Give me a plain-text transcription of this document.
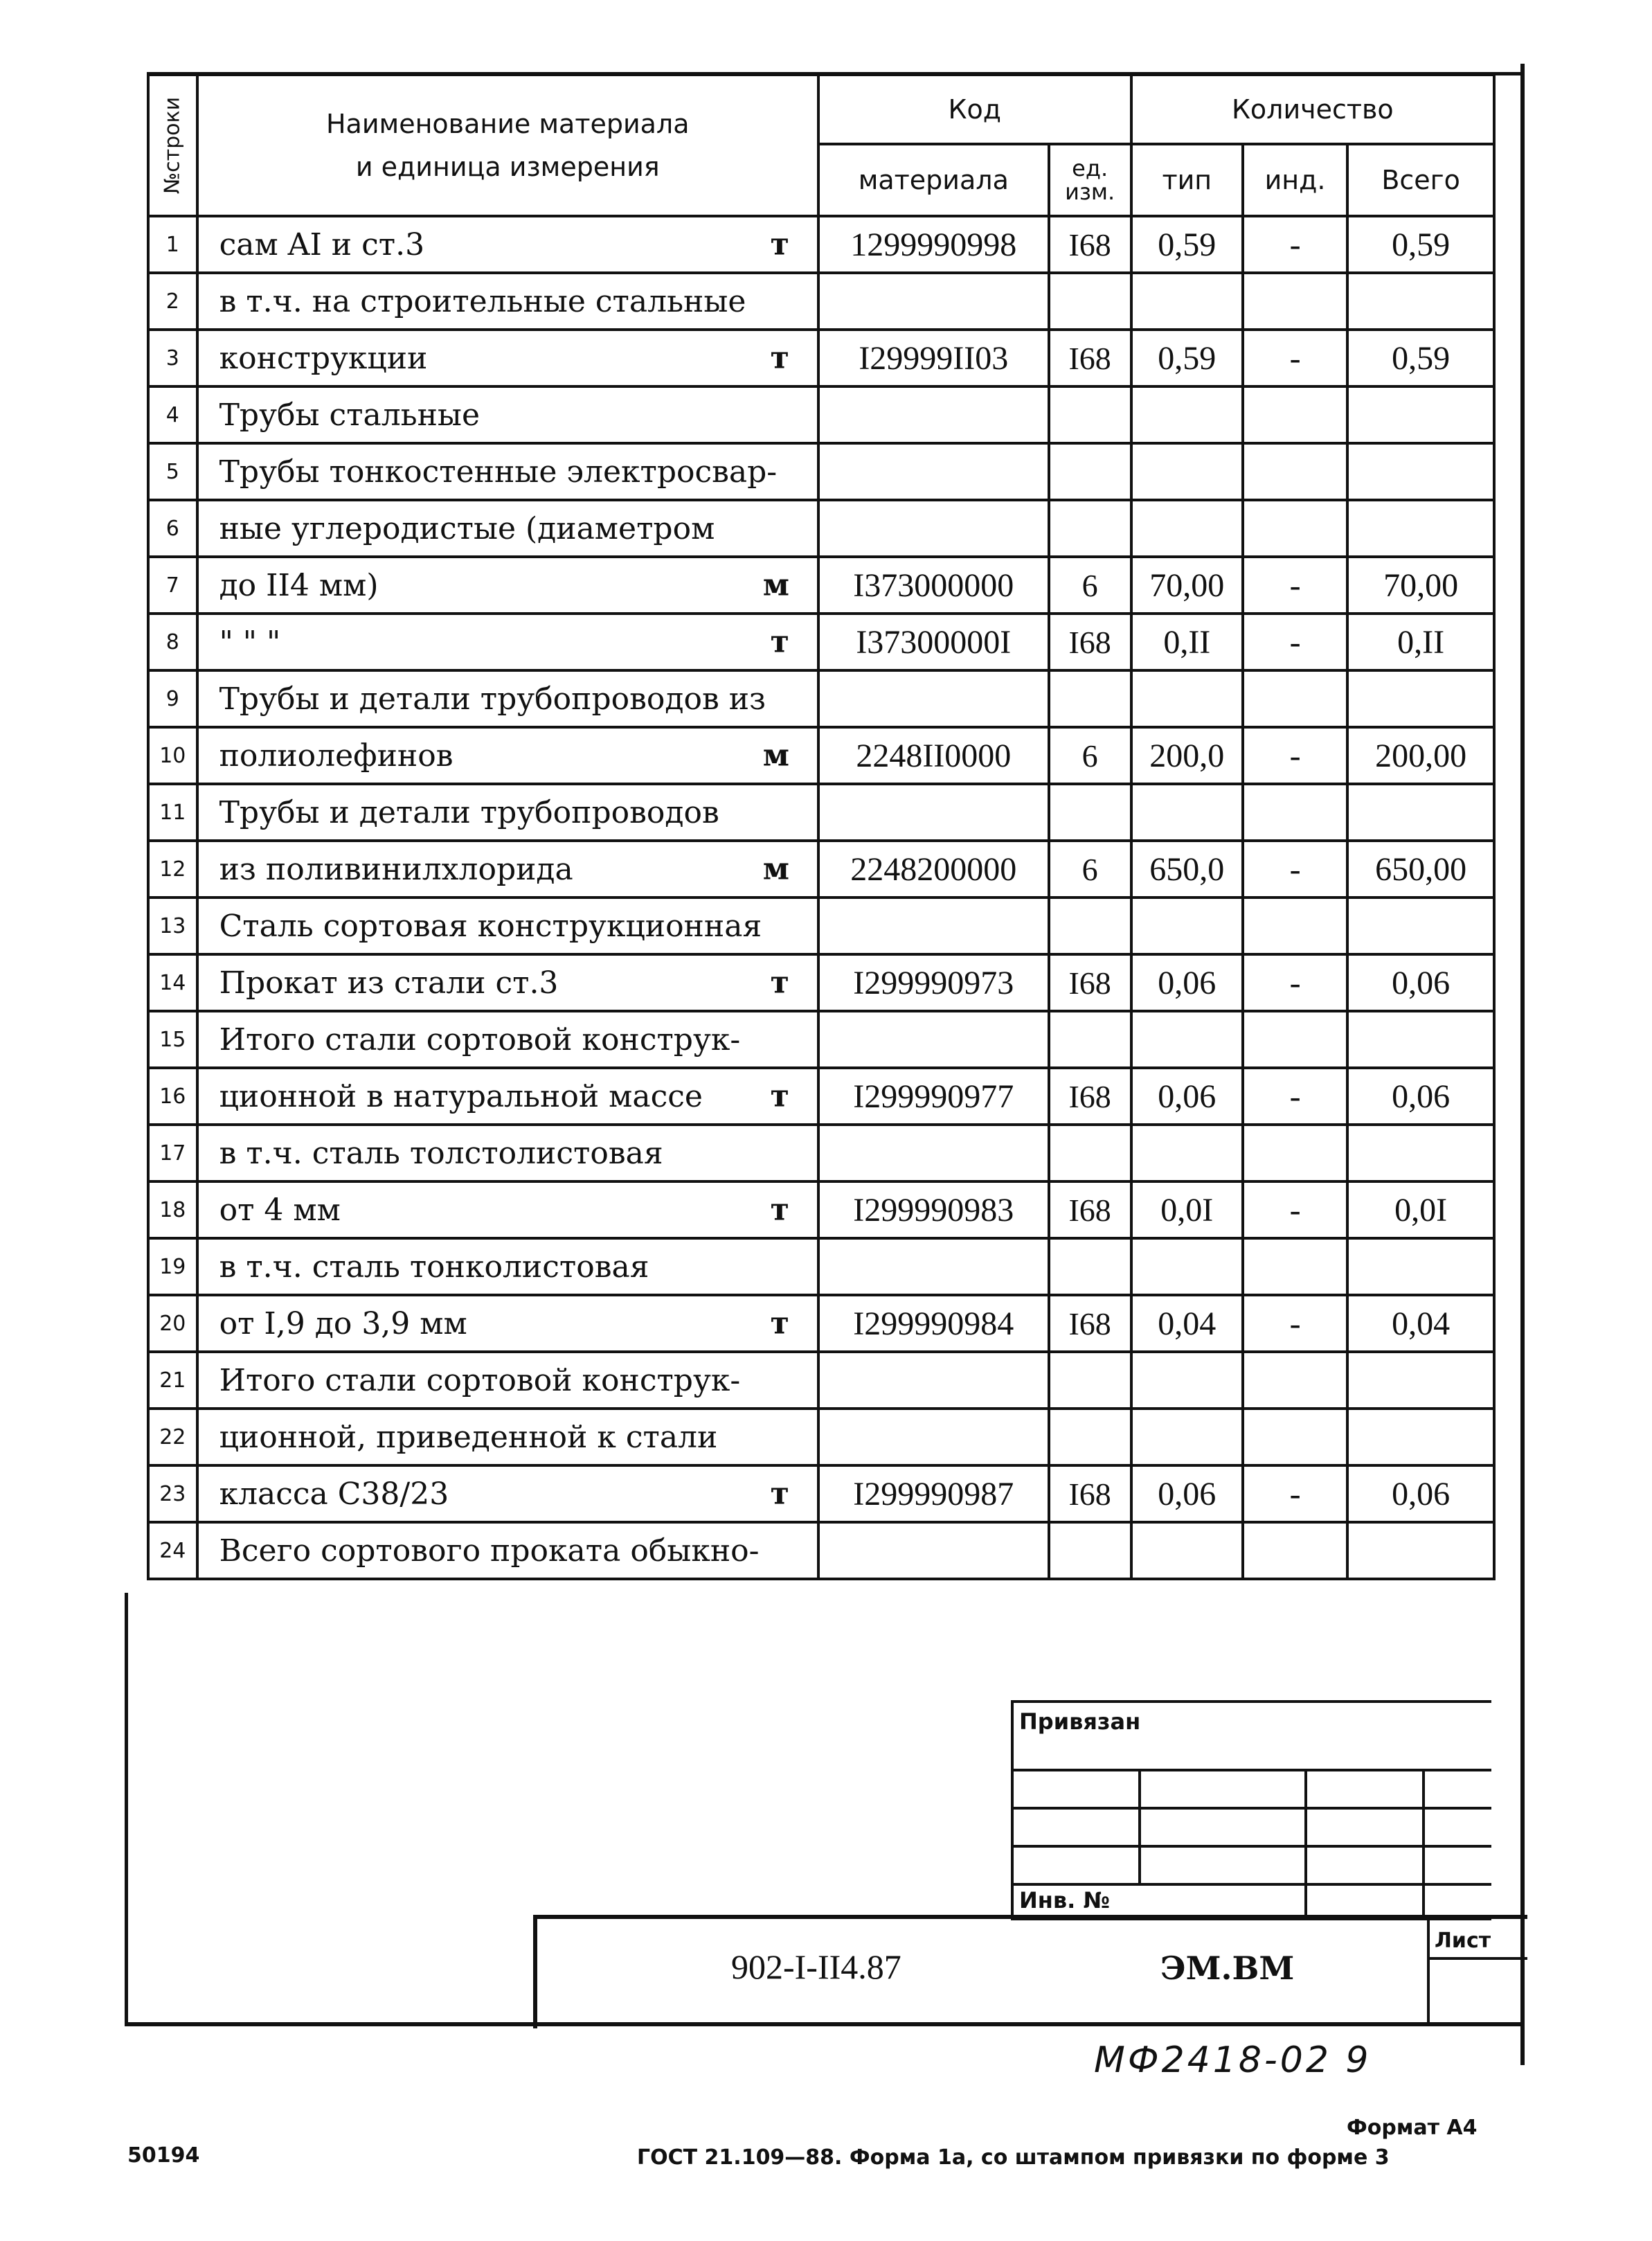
№строки	Наименование материала
и единица измерения	Код		Количество		
		материала	ед. изм.	тип	инд.	Всего
1	сам AI и ст.3 т	1299990998	I68	0,59	-	0,59
2	в т.ч. на строительные стальные

3	конструкции т	I29999II03	I68	0,59	-	0,59
4	Трубы стальные

5	Трубы тонкостенные электросвар-

6	ные углеродистые (диаметром

7	до II4 мм) м	I373000000	6	70,00	-	70,00
8	" " " т	I37300000I	I68	0,II	-	0,II
9	Трубы и детали трубопроводов из

10	полиолефинов м	2248II0000	6	200,0	-	200,00
11	Трубы и детали трубопроводов

12	из поливинилхлорида м	2248200000	6	650,0	-	650,00
13	Сталь сортовая конструкционная

14	Прокат из стали ст.3 т	I299990973	I68	0,06	-	0,06
15	Итого стали сортовой конструк-

16	ционной в натуральной массе т	I299990977	I68	0,06	-	0,06
17	в т.ч. сталь толстолистовая

18	от 4 мм т	I299990983	I68	0,0I	-	0,0I
19	в т.ч. сталь тонколистовая

20	от I,9 до 3,9 мм т	I299990984	I68	0,04	-	0,04
21	Итого стали сортовой конструк-

22	ционной, приведенной к стали

23	класса С38/23 т	I299990987	I68	0,06	-	0,06
24	Всего сортового проката обыкно-

Привязан
Инв. №
902-I-II4.87	ЭМ.ВМ
Лист
МФ2418-02 9
Формат А4
50194	ГОСТ 21.109—88. Форма 1а, со штампом привязки по форме 3
